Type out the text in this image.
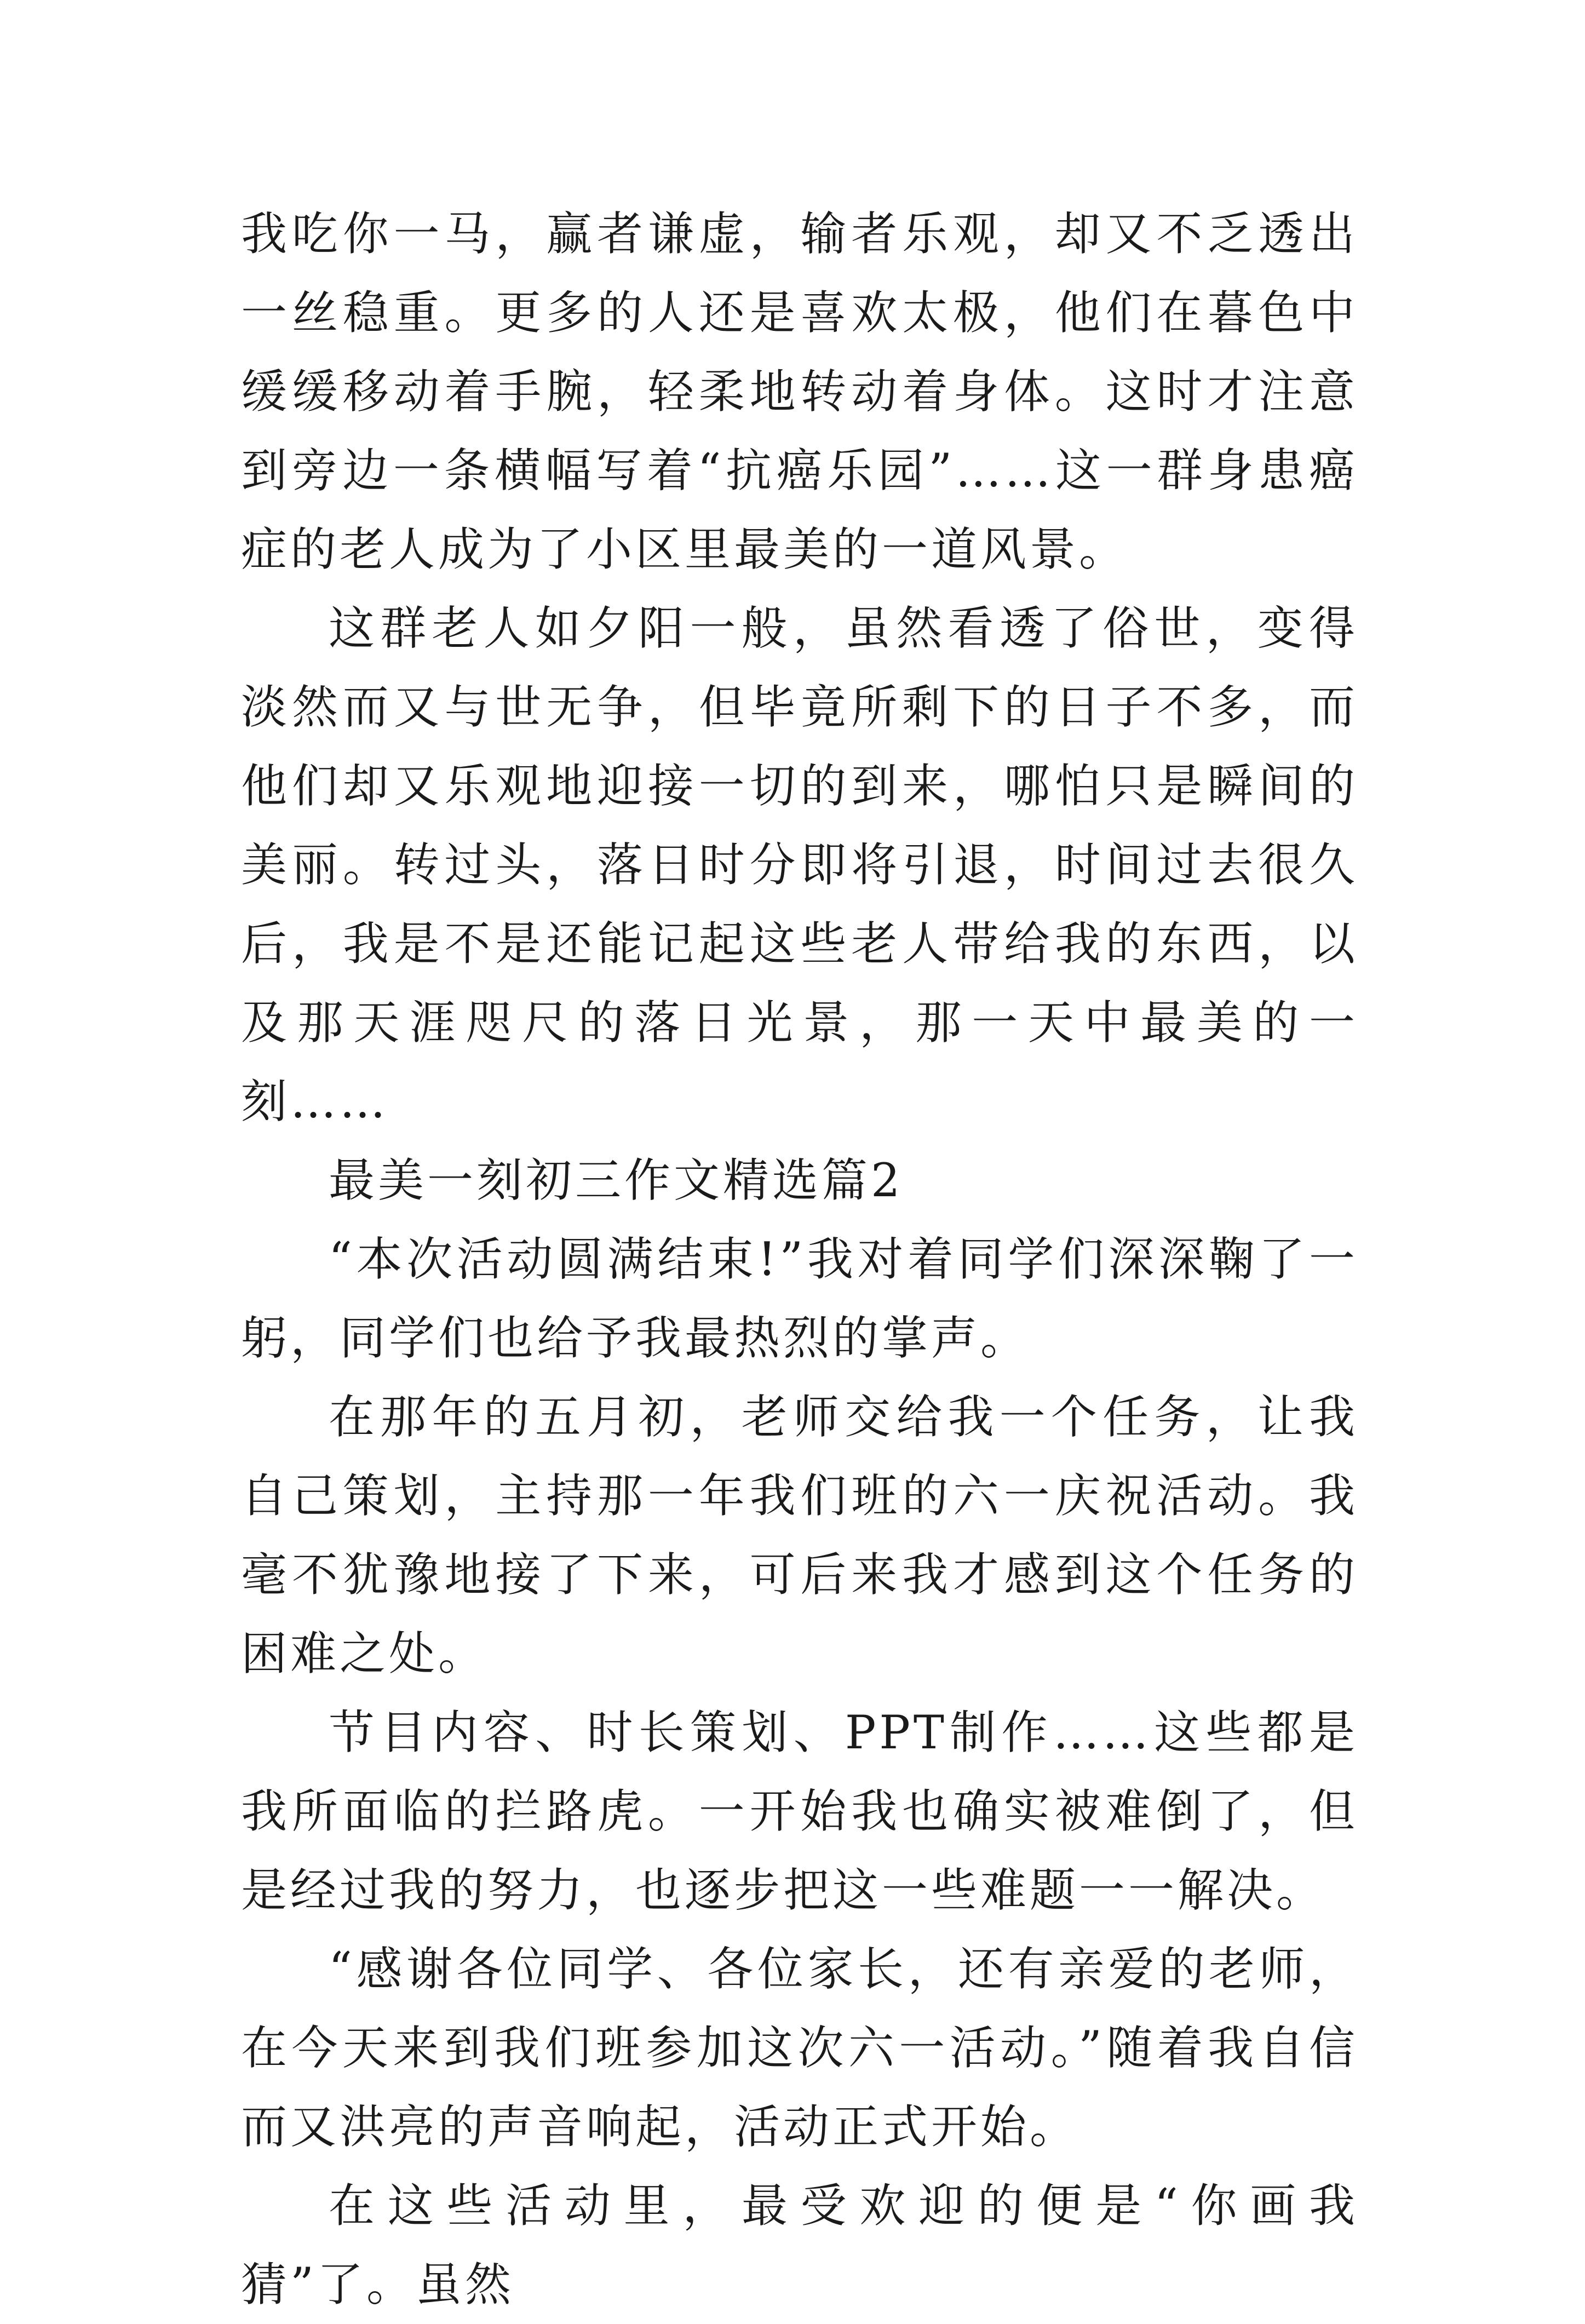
我吃你一马，赢者谦虚，输者乐观，却又不乏透出一丝稳重。更多的人还是喜欢太极，他们在暮色中缓缓移动着手腕，轻柔地转动着身体。这时才注意到旁边一条横幅写着“抗癌乐园”……这一群身患癌症的老人成为了小区里最美的一道风景。

这群老人如夕阳一般，虽然看透了俗世，变得淡然而又与世无争，但毕竟所剩下的日子不多，而他们却又乐观地迎接一切的到来，哪怕只是瞬间的美丽。转过头，落日时分即将引退，时间过去很久后，我是不是还能记起这些老人带给我的东西，以及那天涯咫尺的落日光景，那一天中最美的一刻……

最美一刻初三作文精选篇2

“本次活动圆满结束!”我对着同学们深深鞠了一躬，同学们也给予我最热烈的掌声。

在那年的五月初，老师交给我一个任务，让我自己策划，主持那一年我们班的六一庆祝活动。我毫不犹豫地接了下来，可后来我才感到这个任务的困难之处。

节目内容、时长策划、PPT制作……这些都是我所面临的拦路虎。一开始我也确实被难倒了，但是经过我的努力，也逐步把这一些难题一一解决。

“感谢各位同学、各位家长，还有亲爱的老师，在今天来到我们班参加这次六一活动。”随着我自信而又洪亮的声音响起，活动正式开始。

在这些活动里，最受欢迎的便是“你画我猜”了。虽然
